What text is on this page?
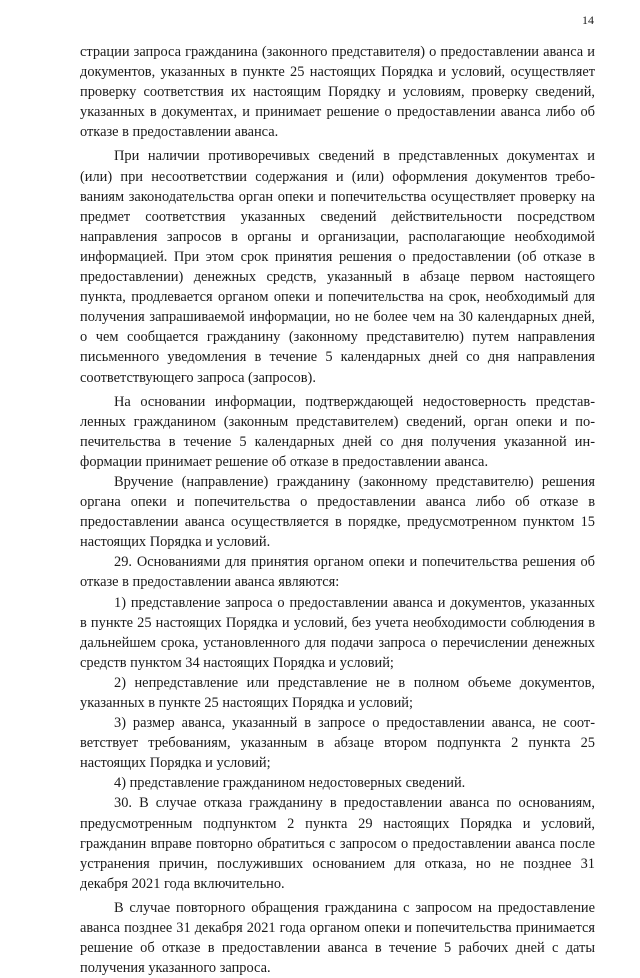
14

страции запроса гражданина (законного представителя) о предоставлении аванса и документов, указанных в пункте 25 настоящих Порядка и условий, осуществляет проверку соответствия их настоящим Порядку и условиям, проверку сведений, указанных в документах, и принимает решение о предоставлении аванса либо об отказе в предоставлении аванса.

При наличии противоречивых сведений в представленных документах и (или) при несоответствии содержания и (или) оформления документов требованиям законодательства орган опеки и попечительства осуществляет проверку на предмет соответствия указанных сведений действительности посредством направления запросов в органы и организации, располагающие необходимой информацией. При этом срок принятия решения о предоставлении (об отказе в предоставлении) денежных средств, указанный в абзаце первом настоящего пункта, продлевается органом опеки и попечительства на срок, необходимый для получения запрашиваемой информации, но не более чем на 30 календарных дней, о чем сообщается гражданину (законному представителю) путем направления письменного уведомления в течение 5 календарных дней со дня направления соответствующего запроса (запросов).

На основании информации, подтверждающей недостоверность представленных гражданином (законным представителем) сведений, орган опеки и попечительства в течение 5 календарных дней со дня получения указанной информации принимает решение об отказе в предоставлении аванса.

Вручение (направление) гражданину (законному представителю) решения органа опеки и попечительства о предоставлении аванса либо об отказе в предоставлении аванса осуществляется в порядке, предусмотренном пунктом 15 настоящих Порядка и условий.

29. Основаниями для принятия органом опеки и попечительства решения об отказе в предоставлении аванса являются:

1) представление запроса о предоставлении аванса и документов, указанных в пункте 25 настоящих Порядка и условий, без учета необходимости соблюдения в дальнейшем срока, установленного для подачи запроса о перечислении денежных средств пунктом 34 настоящих Порядка и условий;

2) непредставление или представление не в полном объеме документов, указанных в пункте 25 настоящих Порядка и условий;

3) размер аванса, указанный в запросе о предоставлении аванса, не соответствует требованиям, указанным в абзаце втором подпункта 2 пункта 25 настоящих Порядка и условий;

4) представление гражданином недостоверных сведений.

30. В случае отказа гражданину в предоставлении аванса по основаниям, предусмотренным подпунктом 2 пункта 29 настоящих Порядка и условий, гражданин вправе повторно обратиться с запросом о предоставлении аванса после устранения причин, послуживших основанием для отказа, но не позднее 31 декабря 2021 года включительно.

В случае повторного обращения гражданина с запросом на предоставление аванса позднее 31 декабря 2021 года органом опеки и попечительства принимается решение об отказе в предоставлении аванса в течение 5 рабочих дней с даты получения указанного запроса.
